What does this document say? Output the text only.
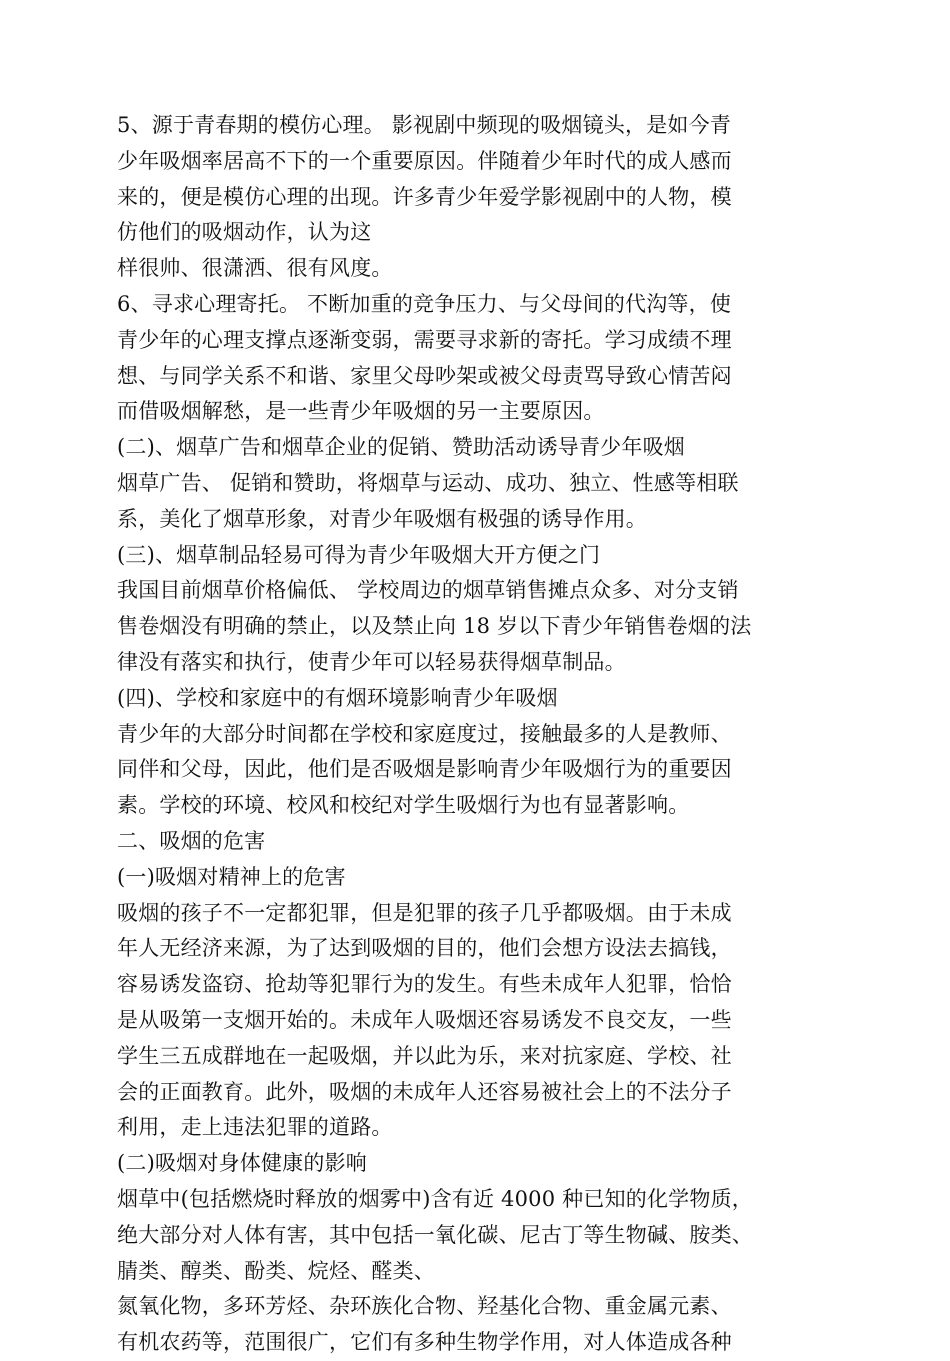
5、源于青春期的模仿心理。 影视剧中频现的吸烟镜头，是如今青
少年吸烟率居高不下的一个重要原因。伴随着少年时代的成人感而
来的，便是模仿心理的出现。许多青少年爱学影视剧中的人物，模
仿他们的吸烟动作，认为这
样很帅、很潇洒、很有风度。
6、寻求心理寄托。 不断加重的竞争压力、与父母间的代沟等，使
青少年的心理支撑点逐渐变弱，需要寻求新的寄托。学习成绩不理
想、与同学关系不和谐、家里父母吵架或被父母责骂导致心情苦闷
而借吸烟解愁，是一些青少年吸烟的另一主要原因。
(二)、烟草广告和烟草企业的促销、赞助活动诱导青少年吸烟
烟草广告、 促销和赞助，将烟草与运动、成功、独立、性感等相联
系，美化了烟草形象，对青少年吸烟有极强的诱导作用。
(三)、烟草制品轻易可得为青少年吸烟大开方便之门
我国目前烟草价格偏低、 学校周边的烟草销售摊点众多、对分支销
售卷烟没有明确的禁止，以及禁止向 18 岁以下青少年销售卷烟的法
律没有落实和执行，使青少年可以轻易获得烟草制品。
(四)、学校和家庭中的有烟环境影响青少年吸烟
青少年的大部分时间都在学校和家庭度过，接触最多的人是教师、
同伴和父母，因此，他们是否吸烟是影响青少年吸烟行为的重要因
素。学校的环境、校风和校纪对学生吸烟行为也有显著影响。
二、吸烟的危害
(一)吸烟对精神上的危害
吸烟的孩子不一定都犯罪，但是犯罪的孩子几乎都吸烟。由于未成
年人无经济来源，为了达到吸烟的目的，他们会想方设法去搞钱，
容易诱发盗窃、抢劫等犯罪行为的发生。有些未成年人犯罪，恰恰
是从吸第一支烟开始的。未成年人吸烟还容易诱发不良交友，一些
学生三五成群地在一起吸烟，并以此为乐，来对抗家庭、学校、社
会的正面教育。此外，吸烟的未成年人还容易被社会上的不法分子
利用，走上违法犯罪的道路。
(二)吸烟对身体健康的影响
烟草中(包括燃烧时释放的烟雾中)含有近 4000 种已知的化学物质，
绝大部分对人体有害，其中包括一氧化碳、尼古丁等生物碱、胺类、
腈类、醇类、酚类、烷烃、醛类、
氮氧化物，多环芳烃、杂环族化合物、羟基化合物、重金属元素、
有机农药等，范围很广，它们有多种生物学作用，对人体造成各种
